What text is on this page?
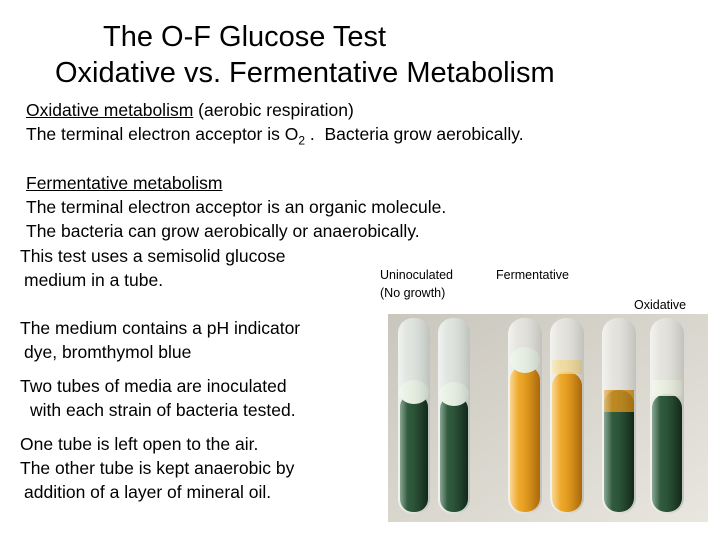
The O-F Glucose Test
Oxidative vs. Fermentative Metabolism
Oxidative metabolism (aerobic respiration)
The terminal electron acceptor is $O_2$ .  Bacteria grow aerobically.
Fermentative metabolism
The terminal electron acceptor is an organic molecule.
The bacteria can grow aerobically or anaerobically.
This test uses a semisolid glucose
medium in a tube.
The medium contains a pH indicator
dye, bromthymol blue
Two tubes of media are inoculated
with each strain of bacteria tested.
One tube is left open to the air.
The other tube is kept anaerobic by
addition of a layer of mineral oil.
Uninoculated
(No growth)
Fermentative
Oxidative
